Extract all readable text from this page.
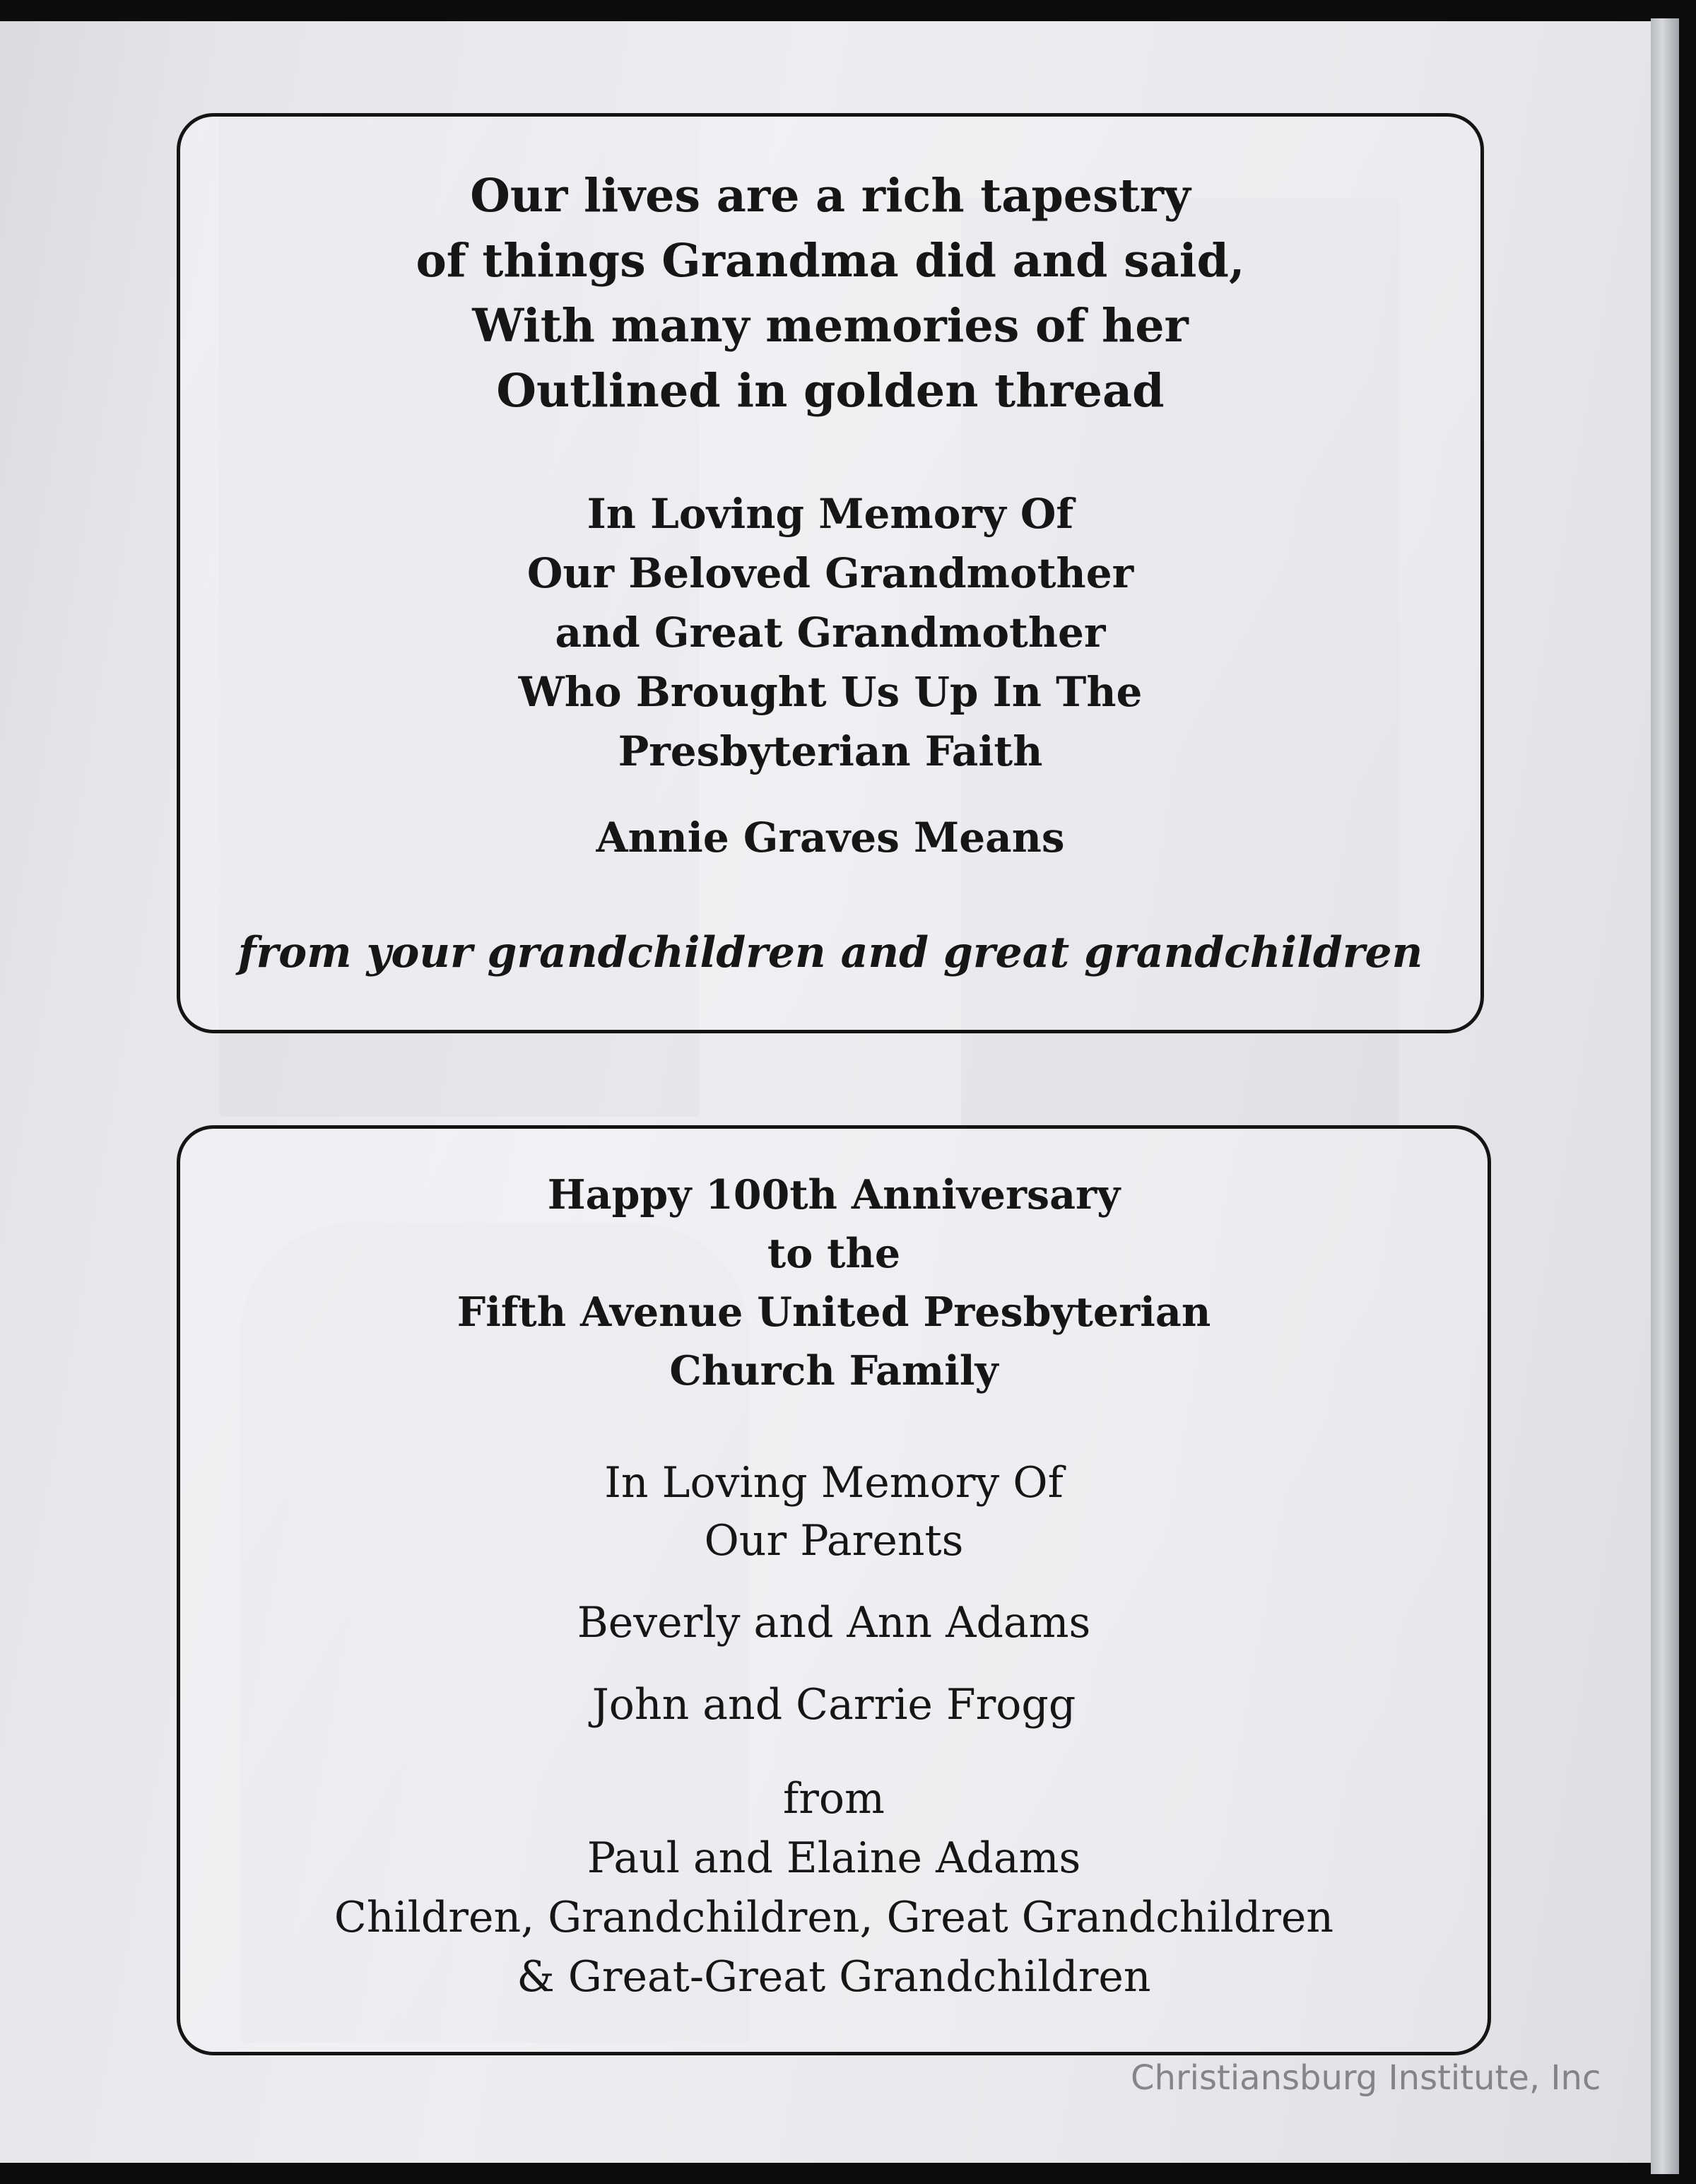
Our lives are a rich tapestry
of things Grandma did and said,
With many memories of her
Outlined in golden thread
In Loving Memory Of
Our Beloved Grandmother
and Great Grandmother
Who Brought Us Up In The
Presbyterian Faith
Annie Graves Means
from your grandchildren and great grandchildren
Happy 100th Anniversary
to the
Fifth Avenue United Presbyterian
Church Family
In Loving Memory Of
Our Parents
Beverly and Ann Adams
John and Carrie Frogg
from
Paul and Elaine Adams
Children, Grandchildren, Great Grandchildren
& Great-Great Grandchildren
Christiansburg Institute, Inc
